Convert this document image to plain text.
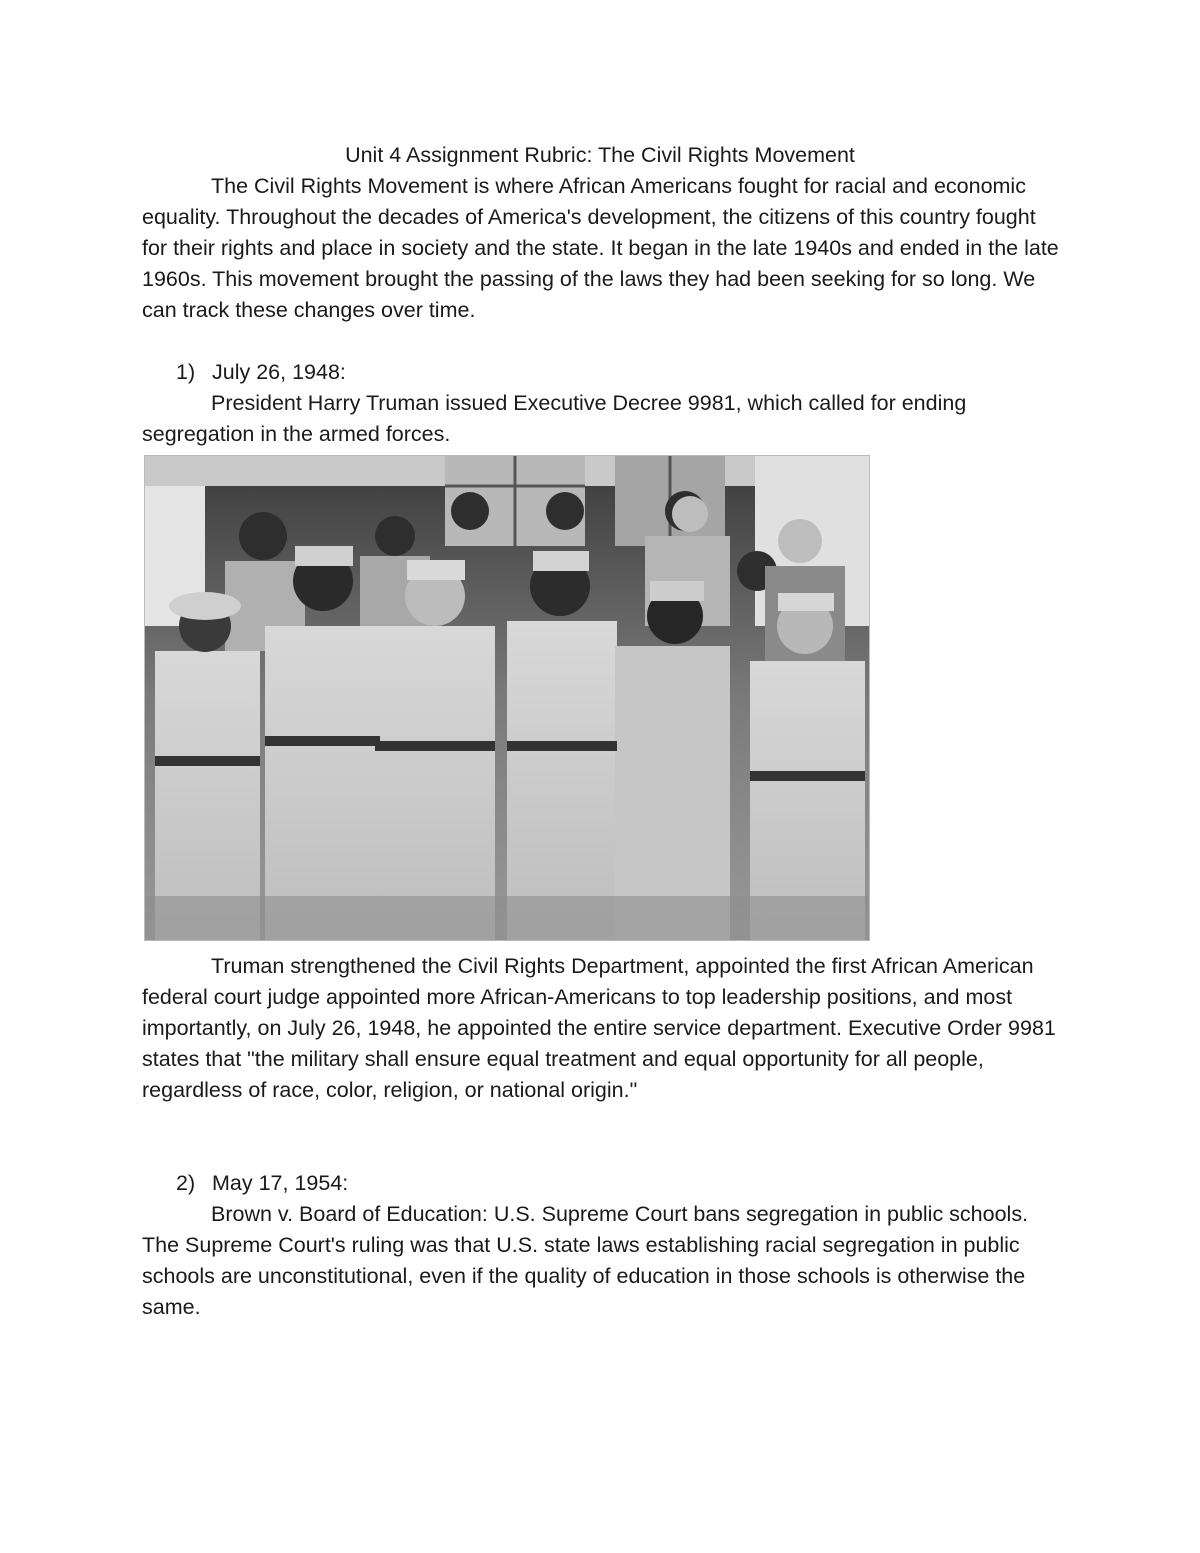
Unit 4 Assignment Rubric: The Civil Rights Movement

The Civil Rights Movement is where African Americans fought for racial and economic equality. Throughout the decades of America's development, the citizens of this country fought for their rights and place in society and the state. It began in the late 1940s and ended in the late 1960s. This movement brought the passing of the laws they had been seeking for so long. We can track these changes over time.

1) July 26, 1948:

President Harry Truman issued Executive Decree 9981, which called for ending segregation in the armed forces.

Truman strengthened the Civil Rights Department, appointed the first African American federal court judge appointed more African-Americans to top leadership positions, and most importantly, on July 26, 1948, he appointed the entire service department. Executive Order 9981 states that "the military shall ensure equal treatment and equal opportunity for all people, regardless of race, color, religion, or national origin."

2) May 17, 1954:

Brown v. Board of Education: U.S. Supreme Court bans segregation in public schools. The Supreme Court's ruling was that U.S. state laws establishing racial segregation in public schools are unconstitutional, even if the quality of education in those schools is otherwise the same.
